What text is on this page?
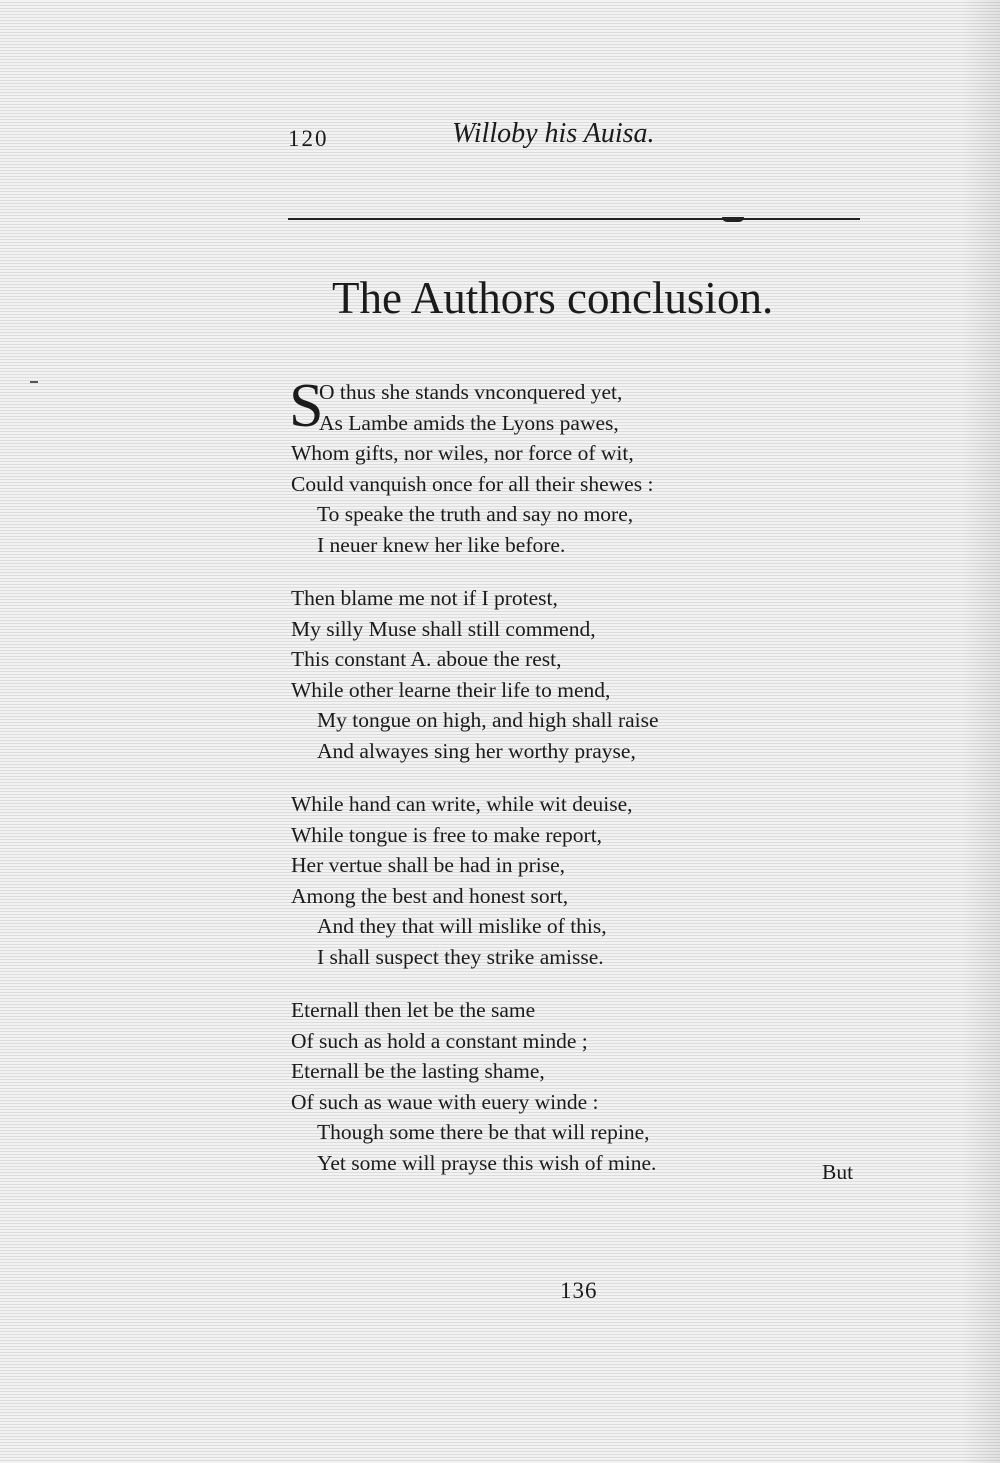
120	Willoby his Auisa.
The Authors conclusion.
S
O thus she stands vnconquered yet,
As Lambe amids the Lyons pawes,
Whom gifts, nor wiles, nor force of wit,
Could vanquish once for all their shewes :
To speake the truth and say no more,
I neuer knew her like before.
Then blame me not if I protest,
My silly Muse shall still commend,
This constant A. aboue the rest,
While other learne their life to mend,
My tongue on high, and high shall raise
And alwayes sing her worthy prayse,
While hand can write, while wit deuise,
While tongue is free to make report,
Her vertue shall be had in prise,
Among the best and honest sort,
And they that will mislike of this,
I shall suspect they strike amisse.
Eternall then let be the same
Of such as hold a constant minde ;
Eternall be the lasting shame,
Of such as waue with euery winde :
Though some there be that will repine,
Yet some will prayse this wish of mine.	But
136
